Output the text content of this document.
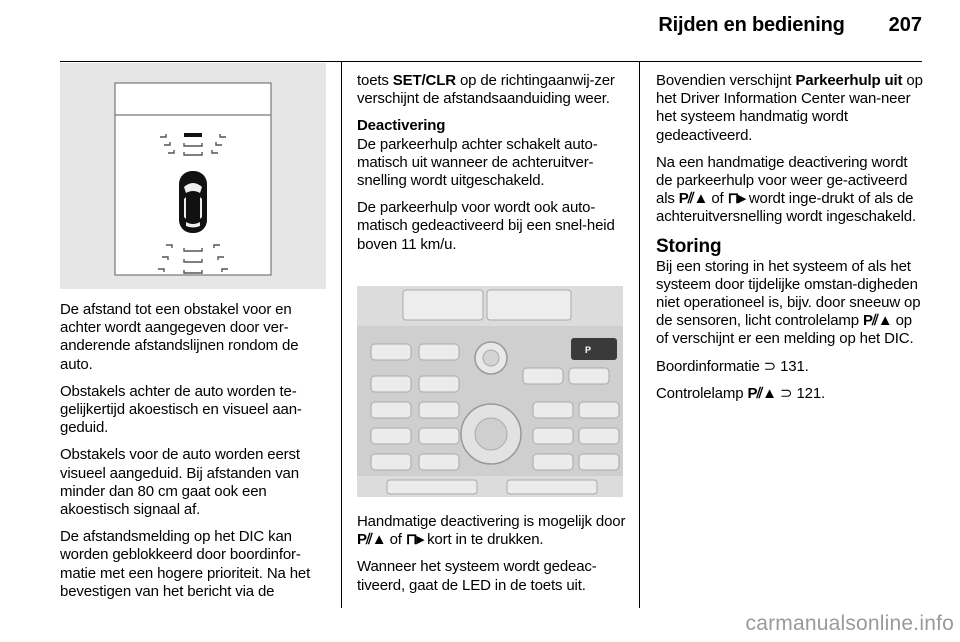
Rijden en bediening 207

De afstand tot een obstakel voor en achter wordt aangegeven door ver-anderende afstandslijnen rondom de auto.

Obstakels achter de auto worden te-gelijkertijd akoestisch en visueel aan-geduid.

Obstakels voor de auto worden eerst visueel aangeduid. Bij afstanden van minder dan 80 cm gaat ook een akoestisch signaal af.

De afstandsmelding op het DIC kan worden geblokkeerd door boordinfor-matie met een hogere prioriteit. Na het bevestigen van het bericht via de

toets SET/CLR op de richtingaanwij-zer verschijnt de afstandsaanduiding weer.

Deactivering

De parkeerhulp achter schakelt auto-matisch uit wanneer de achteruitver-snelling wordt uitgeschakeld.

De parkeerhulp voor wordt ook auto-matisch gedeactiveerd bij een snel-heid boven 11 km/u.

P

Handmatige deactivering is mogelijk door P⫽▲ of ⊓▸ kort in te drukken.

Wanneer het systeem wordt gedeac-tiveerd, gaat de LED in de toets uit.

Bovendien verschijnt Parkeerhulp uit op het Driver Information Center wan-neer het systeem handmatig wordt gedeactiveerd.

Na een handmatige deactivering wordt de parkeerhulp voor weer ge-activeerd als P⫽▲ of ⊓▸ wordt inge-drukt of als de achteruitversnelling wordt ingeschakeld.

Storing

Bij een storing in het systeem of als het systeem door tijdelijke omstan-digheden niet operationeel is, bijv. door sneeuw op de sensoren, licht controlelamp P⫽▲ op of verschijnt er een melding op het DIC.

Boordinformatie ⊃ 131.

Controlelamp P⫽▲ ⊃ 121.

carmanualsonline.info
